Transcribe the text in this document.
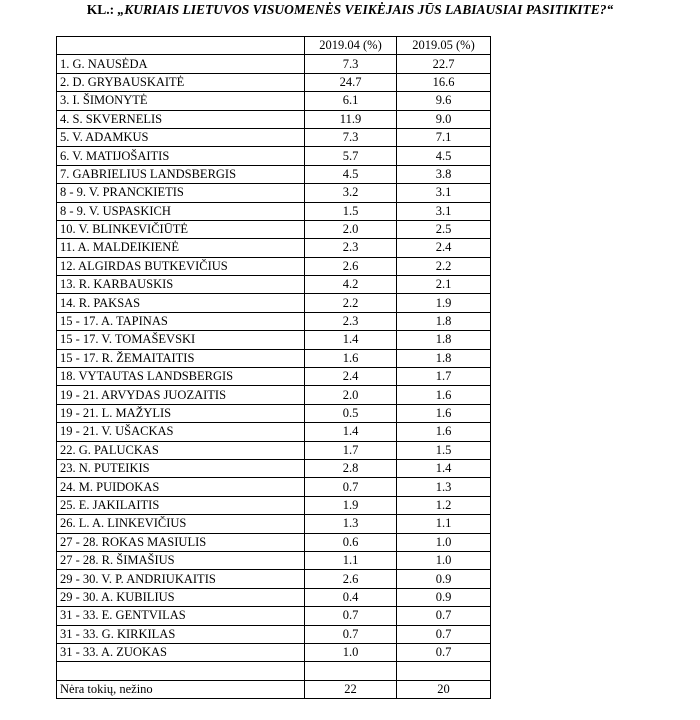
KL.: „KURIAIS LIETUVOS VISUOMENĖS VEIKĖJAIS JŪS LABIAUSIAI PASITIKITE?“
	2019.04 (%)	2019.05 (%)
1. G. NAUSĖDA	7.3	22.7
2. D. GRYBAUSKAITĖ	24.7	16.6
3. I. ŠIMONYTĖ	6.1	9.6
4. S. SKVERNELIS	11.9	9.0
5. V. ADAMKUS	7.3	7.1
6. V. MATIJOŠAITIS	5.7	4.5
7. GABRIELIUS LANDSBERGIS	4.5	3.8
8 - 9. V. PRANCKIETIS	3.2	3.1
8 - 9. V. USPASKICH	1.5	3.1
10. V. BLINKEVIČIŪTĖ	2.0	2.5
11. A. MALDEIKIENĖ	2.3	2.4
12. ALGIRDAS BUTKEVIČIUS	2.6	2.2
13. R. KARBAUSKIS	4.2	2.1
14. R. PAKSAS	2.2	1.9
15 - 17. A. TAPINAS	2.3	1.8
15 - 17. V. TOMAŠEVSKI	1.4	1.8
15 - 17. R. ŽEMAITAITIS	1.6	1.8
18. VYTAUTAS LANDSBERGIS	2.4	1.7
19 - 21. ARVYDAS JUOZAITIS	2.0	1.6
19 - 21. L. MAŽYLIS	0.5	1.6
19 - 21. V. UŠACKAS	1.4	1.6
22. G. PALUCKAS	1.7	1.5
23. N. PUTEIKIS	2.8	1.4
24. M. PUIDOKAS	0.7	1.3
25. E. JAKILAITIS	1.9	1.2
26. L. A. LINKEVIČIUS	1.3	1.1
27 - 28. ROKAS MASIULIS	0.6	1.0
27 - 28. R. ŠIMAŠIUS	1.1	1.0
29 - 30. V. P. ANDRIUKAITIS	2.6	0.9
29 - 30. A. KUBILIUS	0.4	0.9
31 - 33. E. GENTVILAS	0.7	0.7
31 - 33. G. KIRKILAS	0.7	0.7
31 - 33. A. ZUOKAS	1.0	0.7

Nėra tokių, nežino	22	20
